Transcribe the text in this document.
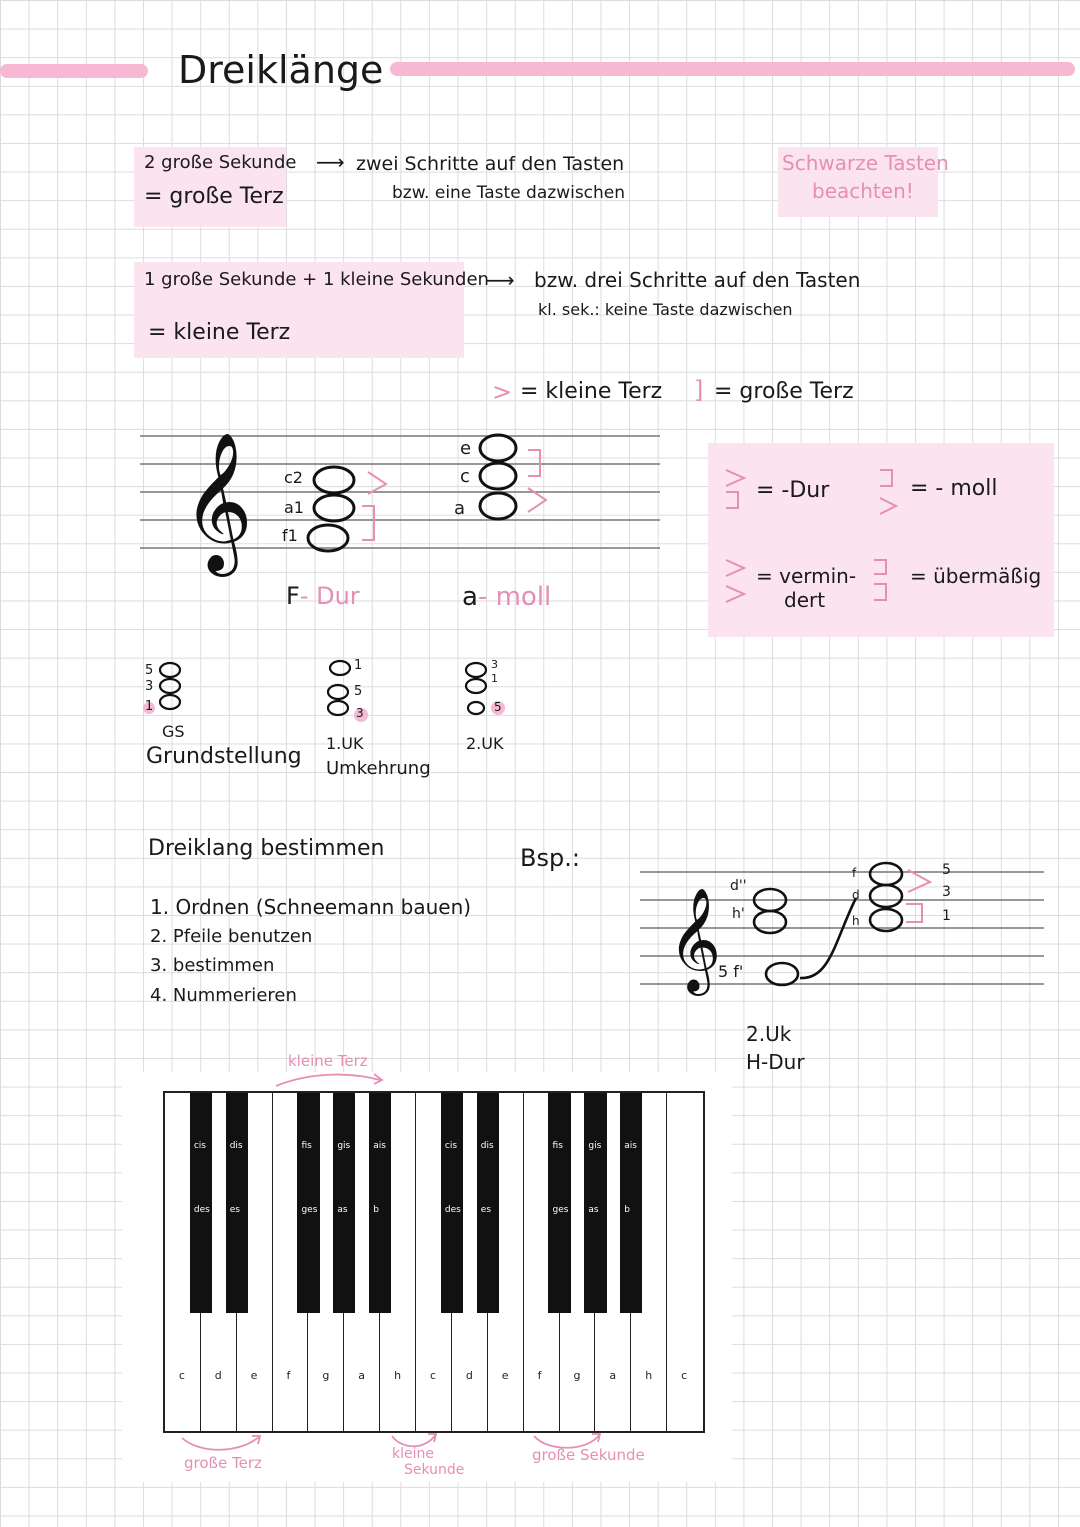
Dreiklänge
2 große Sekunde
= große Terz
⟶ zwei Schritte auf den Tasten
bzw. eine Taste dazwischen
Schwarze Tasten
beachten!
1 große Sekunde + 1 kleine Sekunden
= kleine Terz
⟶ bzw. drei Schritte auf den Tasten
kl. sek.: keine Taste dazwischen
> = kleine Terz ] = große Terz
𝄞 c2
a1
f1
e
c
a
F- Dur	a- moll
= -Dur	= - moll
= vermin-
dert
= übermäßig
5
3
1
GS
Grundstellung
1
5
3
1.UK
Umkehrung
3
1
5
2.UK
Dreiklang bestimmen
1. Ordnen (Schneemann bauen)
2. Pfeile benutzen
3. bestimmen
4. Nummerieren
Bsp.:
𝄞
d''
h'
5 f'
f
d
h
5
3
1
2.Uk
H-Dur
kleine Terz
c	d	e	f	g	a	h	c	d	e	f	g	a	h	c
cis
des
dis
es
fis
ges
gis
as
ais
b
cis
des
dis
es
fis
ges
gis
as
ais
b
große Terz	kleine
Sekunde
große Sekunde
